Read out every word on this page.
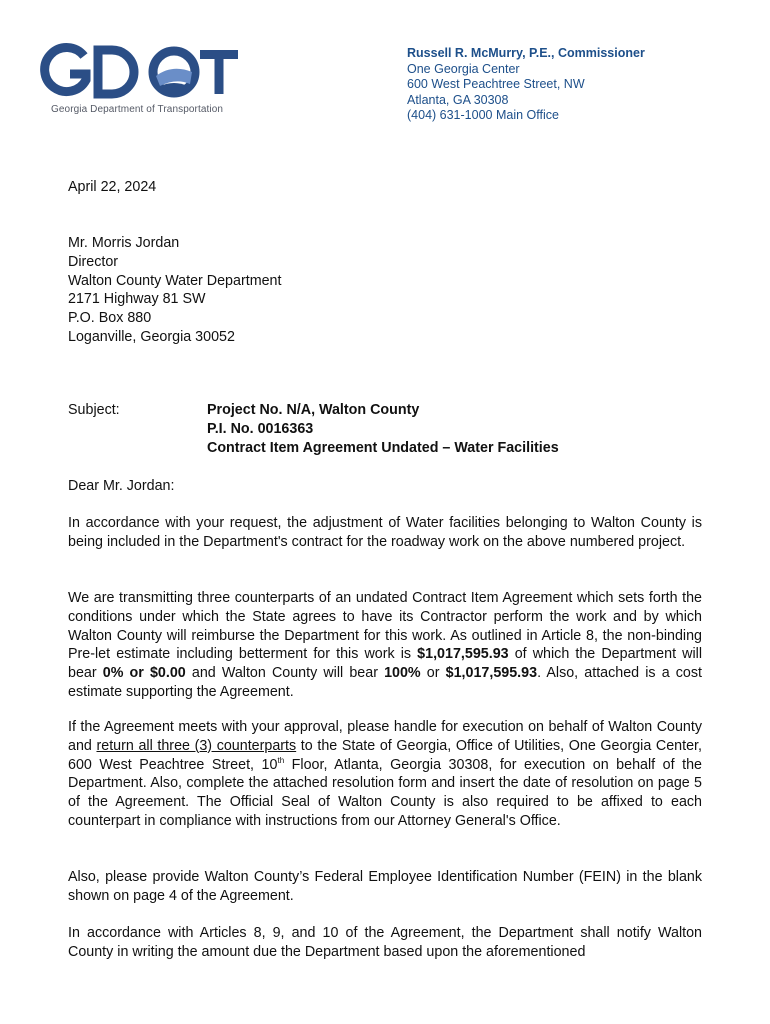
Georgia Department of Transportation
Russell R. McMurry, P.E., Commissioner
One Georgia Center
600 West Peachtree Street, NW
Atlanta, GA 30308
(404) 631-1000 Main Office
April 22, 2024
Mr. Morris Jordan
Director
Walton County Water Department
2171 Highway 81 SW
P.O. Box 880
Loganville, Georgia 30052
Subject:	Project No. N/A, Walton County
P.I. No. 0016363
Contract Item Agreement Undated – Water Facilities
Dear Mr. Jordan:
In accordance with your request, the adjustment of Water facilities belonging to Walton County is being included in the Department's contract for the roadway work on the above numbered project.
We are transmitting three counterparts of an undated Contract Item Agreement which sets forth the conditions under which the State agrees to have its Contractor perform the work and by which Walton County will reimburse the Department for this work. As outlined in Article 8, the non-binding Pre-let estimate including betterment for this work is $1,017,595.93 of which the Department will bear 0% or $0.00 and Walton County will bear 100% or $1,017,595.93. Also, attached is a cost estimate supporting the Agreement.
If the Agreement meets with your approval, please handle for execution on behalf of Walton County and return all three (3) counterparts to the State of Georgia, Office of Utilities, One Georgia Center, 600 West Peachtree Street, 10th Floor, Atlanta, Georgia 30308, for execution on behalf of the Department. Also, complete the attached resolution form and insert the date of resolution on page 5 of the Agreement. The Official Seal of Walton County is also required to be affixed to each counterpart in compliance with instructions from our Attorney General's Office.
Also, please provide Walton County’s Federal Employee Identification Number (FEIN) in the blank shown on page 4 of the Agreement.
In accordance with Articles 8, 9, and 10 of the Agreement, the Department shall notify Walton County in writing the amount due the Department based upon the aforementioned
